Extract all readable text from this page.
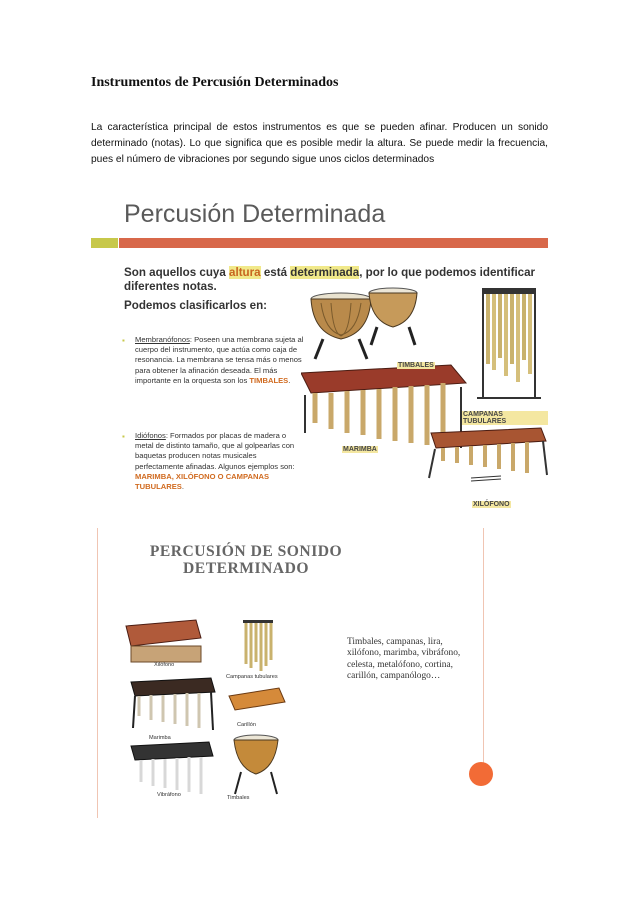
Instrumentos de Percusión Determinados

La característica principal de estos instrumentos es que se pueden afinar. Producen un sonido determinado (notas). Lo que significa que es posible medir la altura. Se puede medir la frecuencia, pues el número de vibraciones por segundo sigue unos ciclos determinados

Percusión Determinada
Son aquellos cuya altura está determinada, por lo que podemos identificar diferentes notas.
Podemos clasificarlos en:
▪ Membranófonos: Poseen una membrana sujeta al cuerpo del instrumento, que actúa como caja de resonancia. La membrana se tensa más o menos para obtener la afinación deseada. El más importante en la orquesta son los TIMBALES.
▪ Idiófonos: Formados por placas de madera o metal de distinto tamaño, que al golpearlas con baquetas producen notas musicales perfectamente afinadas. Algunos ejemplos son: MARIMBA, XILÓFONO O CAMPANAS TUBULARES.
TIMBALES
CAMPANAS TUBULARES
MARIMBA
XILÓFONO
PERCUSIÓN DE SONIDO
DETERMINADO
Xilófono
Campanas tubulares
Marimba
Carillón
Vibráfono	Timbales
Timbales, campanas, lira, xilófono, marimba, vibráfono, celesta, metalófono, cortina, carillón, campanólogo…
